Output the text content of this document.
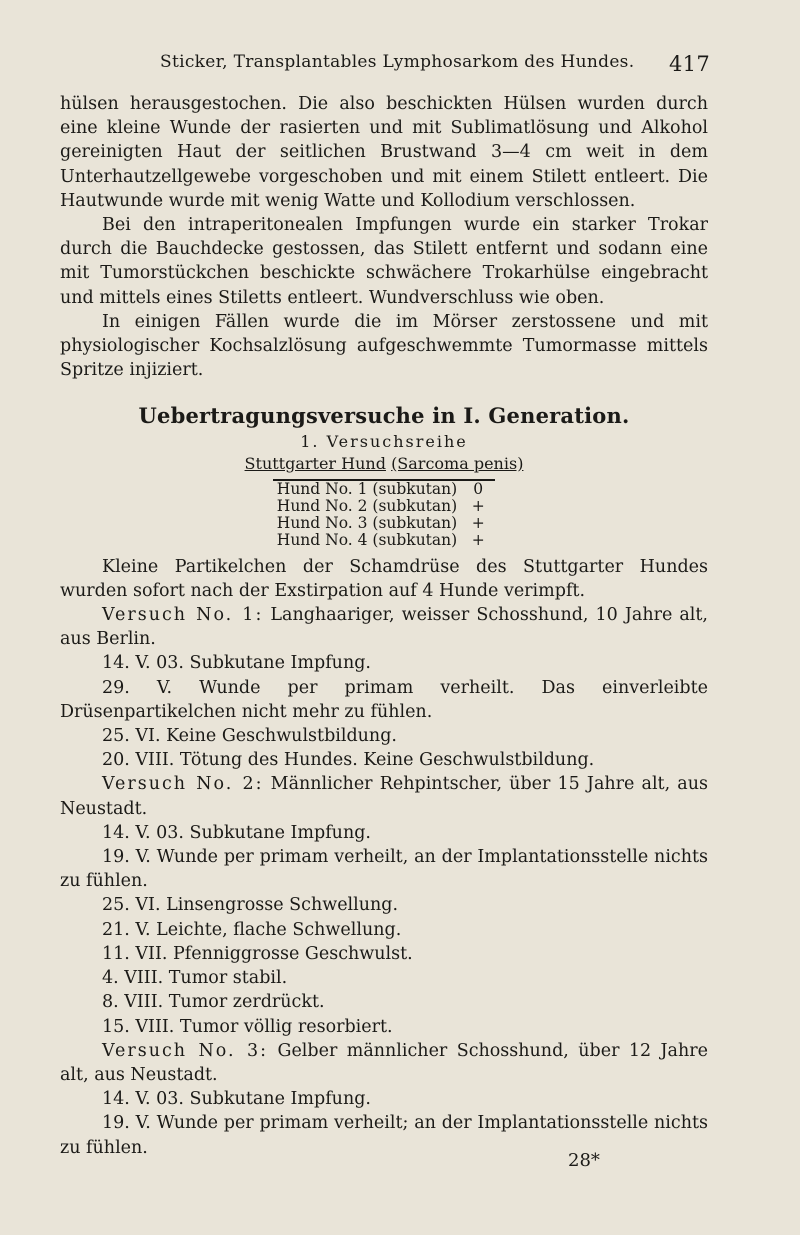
Sticker, Transplantables Lymphosarkom des Hundes. 417

hülsen herausgestochen. Die also beschickten Hülsen wurden durch eine kleine Wunde der rasierten und mit Sublimatlösung und Alkohol gereinigten Haut der seitlichen Brustwand 3—4 cm weit in dem Unterhautzellgewebe vorgeschoben und mit einem Stilett entleert. Die Hautwunde wurde mit wenig Watte und Kollodium verschlossen.

Bei den intraperitonealen Impfungen wurde ein starker Trokar durch die Bauchdecke gestossen, das Stilett entfernt und sodann eine mit Tumorstückchen beschickte schwächere Trokarhülse eingebracht und mittels eines Stiletts entleert. Wundverschluss wie oben.

In einigen Fällen wurde die im Mörser zerstossene und mit physiologischer Kochsalzlösung aufgeschwemmte Tumormasse mittels Spritze injiziert.

Uebertragungsversuche in I. Generation.
1. Versuchsreihe
Stuttgarter Hund (Sarcoma penis)
Hund No. 1 (subkutan)	0
Hund No. 2 (subkutan)	+
Hund No. 3 (subkutan)	+
Hund No. 4 (subkutan)	+

Kleine Partikelchen der Schamdrüse des Stuttgarter Hundes wurden sofort nach der Exstirpation auf 4 Hunde verimpft.

Versuch No. 1: Langhaariger, weisser Schosshund, 10 Jahre alt, aus Berlin.

14. V. 03. Subkutane Impfung.

29. V. Wunde per primam verheilt. Das einverleibte Drüsenpartikelchen nicht mehr zu fühlen.

25. VI. Keine Geschwulstbildung.

20. VIII. Tötung des Hundes. Keine Geschwulstbildung.

Versuch No. 2: Männlicher Rehpintscher, über 15 Jahre alt, aus Neustadt.

14. V. 03. Subkutane Impfung.

19. V. Wunde per primam verheilt, an der Implantationsstelle nichts zu fühlen.

25. VI. Linsengrosse Schwellung.

21. V. Leichte, flache Schwellung.

11. VII. Pfenniggrosse Geschwulst.

4. VIII. Tumor stabil.

8. VIII. Tumor zerdrückt.

15. VIII. Tumor völlig resorbiert.

Versuch No. 3: Gelber männlicher Schosshund, über 12 Jahre alt, aus Neustadt.

14. V. 03. Subkutane Impfung.

19. V. Wunde per primam verheilt; an der Implantationsstelle nichts zu fühlen.

28*
